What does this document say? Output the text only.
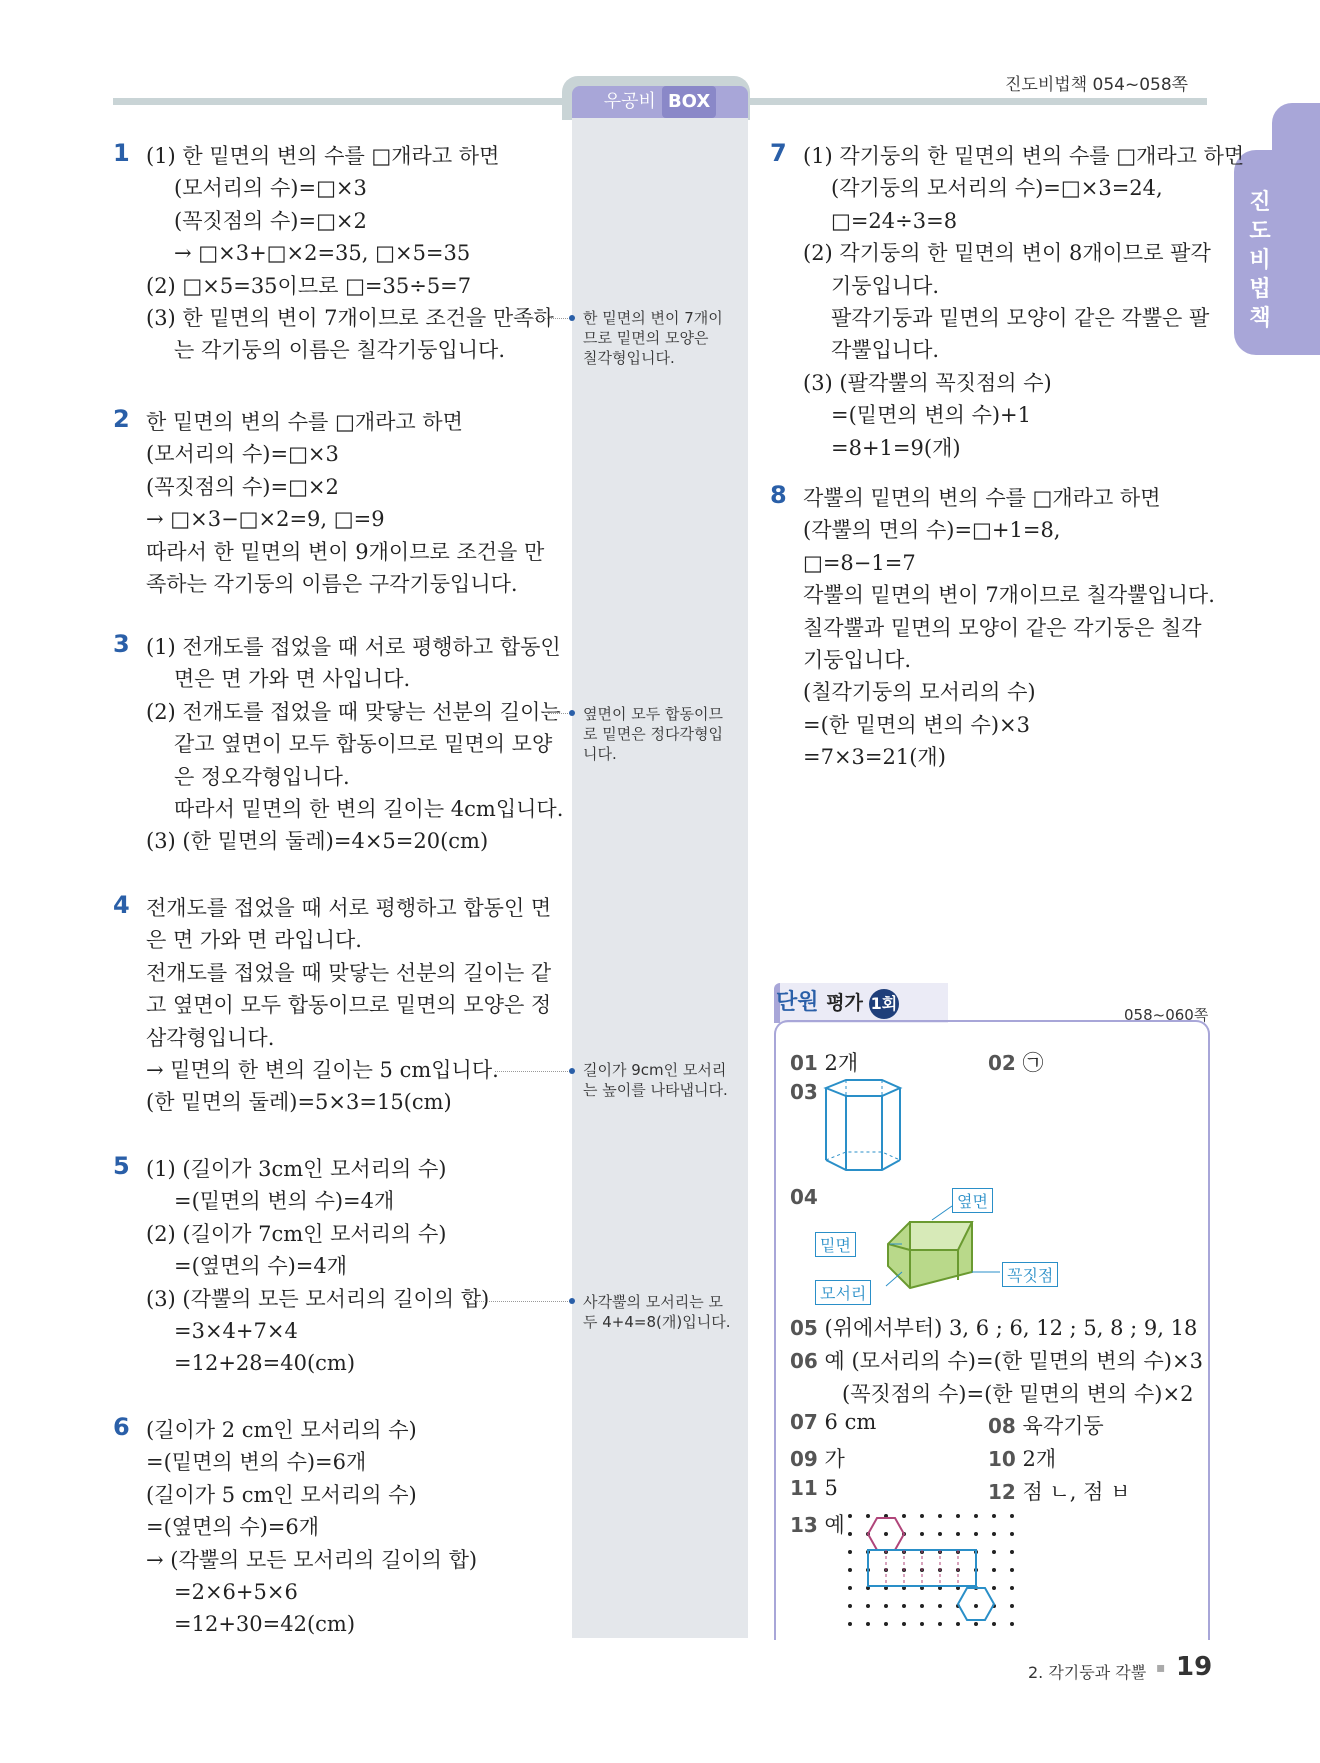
진도비법책 054~058쪽
우공비 BOX
진
도
비
법
책
1 (1) 한 밑면의 변의 수를 □개라고 하면
(모서리의 수)=□×3
(꼭짓점의 수)=□×2
→ □×3+□×2=35, □×5=35
(2) □×5=35이므로 □=35÷5=7
(3) 한 밑면의 변이 7개이므로 조건을 만족하
는 각기둥의 이름은 칠각기둥입니다.
2 한 밑면의 변의 수를 □개라고 하면
(모서리의 수)=□×3
(꼭짓점의 수)=□×2
→ □×3−□×2=9, □=9
따라서 한 밑면의 변이 9개이므로 조건을 만
족하는 각기둥의 이름은 구각기둥입니다.
3 (1) 전개도를 접었을 때 서로 평행하고 합동인
면은 면 가와 면 사입니다.
(2) 전개도를 접었을 때 맞닿는 선분의 길이는
같고 옆면이 모두 합동이므로 밑면의 모양
은 정오각형입니다.
따라서 밑면의 한 변의 길이는 4cm입니다.
(3) (한 밑면의 둘레)=4×5=20(cm)
4 전개도를 접었을 때 서로 평행하고 합동인 면
은 면 가와 면 라입니다.
전개도를 접었을 때 맞닿는 선분의 길이는 같
고 옆면이 모두 합동이므로 밑면의 모양은 정
삼각형입니다.
→ 밑면의 한 변의 길이는 5 cm입니다.
(한 밑면의 둘레)=5×3=15(cm)
5 (1) (길이가 3cm인 모서리의 수)
=(밑면의 변의 수)=4개
(2) (길이가 7cm인 모서리의 수)
=(옆면의 수)=4개
(3) (각뿔의 모든 모서리의 길이의 합)
=3×4+7×4
=12+28=40(cm)
6 (길이가 2 cm인 모서리의 수)
=(밑면의 변의 수)=6개
(길이가 5 cm인 모서리의 수)
=(옆면의 수)=6개
→ (각뿔의 모든 모서리의 길이의 합)
=2×6+5×6
=12+30=42(cm)
7 (1) 각기둥의 한 밑면의 변의 수를 □개라고 하면
(각기둥의 모서리의 수)=□×3=24,
□=24÷3=8
(2) 각기둥의 한 밑면의 변이 8개이므로 팔각
기둥입니다.
팔각기둥과 밑면의 모양이 같은 각뿔은 팔
각뿔입니다.
(3) (팔각뿔의 꼭짓점의 수)
=(밑면의 변의 수)+1
=8+1=9(개)
8 각뿔의 밑면의 변의 수를 □개라고 하면
(각뿔의 면의 수)=□+1=8,
□=8−1=7
각뿔의 밑면의 변이 7개이므로 칠각뿔입니다.
칠각뿔과 밑면의 모양이 같은 각기둥은 칠각
기둥입니다.
(칠각기둥의 모서리의 수)
=(한 밑면의 변의 수)×3
=7×3=21(개)
한 밑면의 변이 7개이
므로 밑면의 모양은
칠각형입니다.
옆면이 모두 합동이므
로 밑면은 정다각형입
니다.
길이가 9cm인 모서리
는 높이를 나타냅니다.
사각뿔의 모서리는 모
두 4+4=8(개)입니다.
단원 평가 1회
058~060쪽
01 2개	02 ㉠
03
04	옆면
밑면
모서리
꼭짓점
05 (위에서부터) 3, 6 ; 6, 12 ; 5, 8 ; 9, 18
06 예 (모서리의 수)=(한 밑면의 변의 수)×3
(꼭짓점의 수)=(한 밑면의 변의 수)×2
07 6 cm	08 육각기둥
09 가	10 2개
11 5	12 점 ㄴ, 점 ㅂ
13 예
2. 각기둥과 각뿔 ▪ 19
